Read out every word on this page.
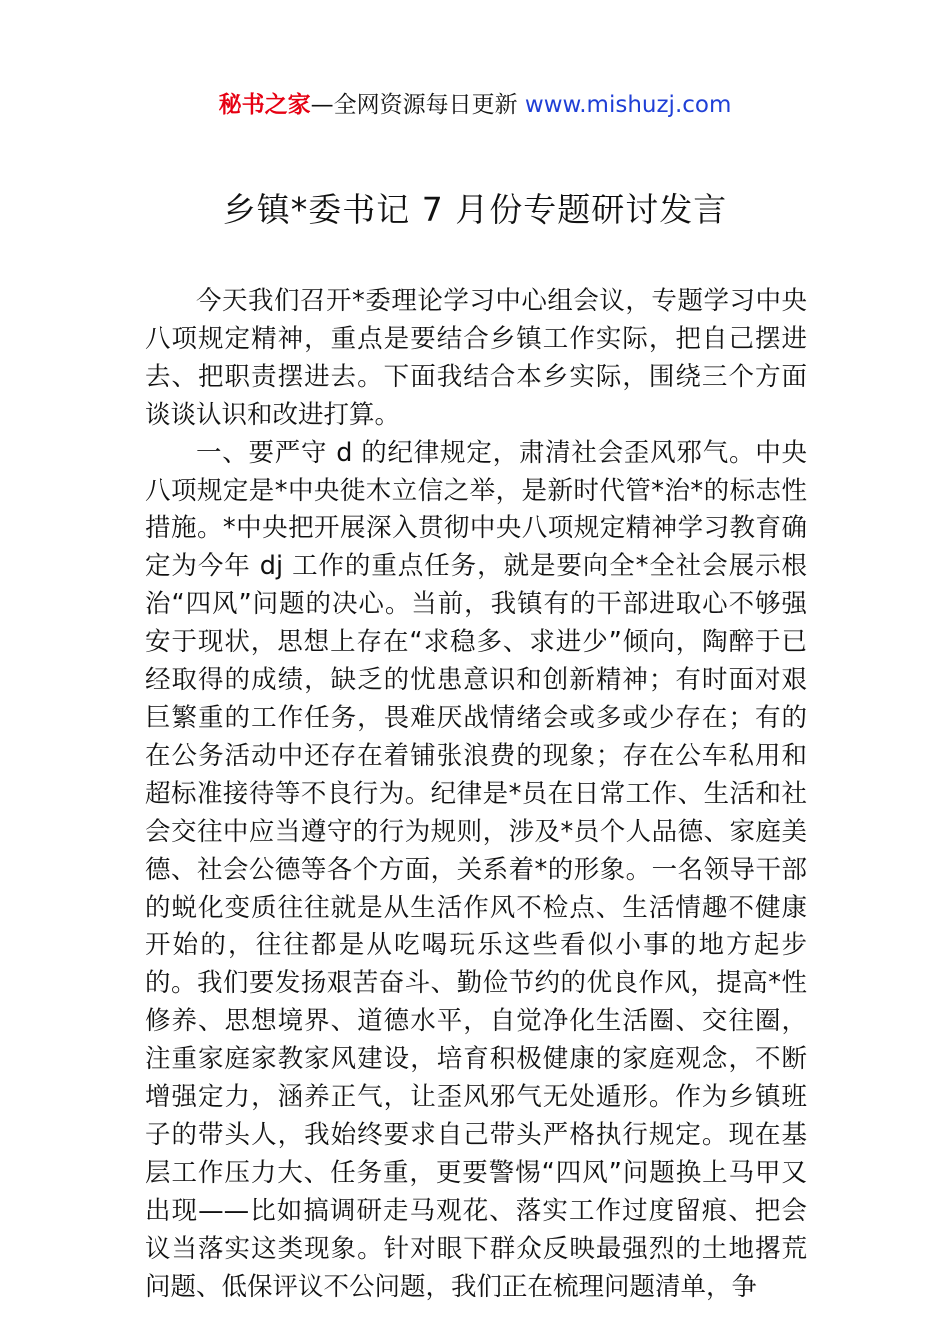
秘书之家—全网资源每日更新 www.mishuzj.com
乡镇*委书记 7 月份专题研讨发言

今天我们召开*委理论学习中心组会议，专题学习中央八项规定精神，重点是要结合乡镇工作实际，把自己摆进去、把职责摆进去。下面我结合本乡实际，围绕三个方面谈谈认识和改进打算。

一、要严守 d 的纪律规定，肃清社会歪风邪气。中央八项规定是*中央徙木立信之举，是新时代管*治*的标志性措施。*中央把开展深入贯彻中央八项规定精神学习教育确定为今年 dj 工作的重点任务，就是要向全*全社会展示根治“四风”问题的决心。当前，我镇有的干部进取心不够强安于现状，思想上存在“求稳多、求进少”倾向，陶醉于已经取得的成绩，缺乏的忧患意识和创新精神；有时面对艰巨繁重的工作任务，畏难厌战情绪会或多或少存在；有的在公务活动中还存在着铺张浪费的现象；存在公车私用和超标准接待等不良行为。纪律是*员在日常工作、生活和社会交往中应当遵守的行为规则，涉及*员个人品德、家庭美德、社会公德等各个方面，关系着*的形象。一名领导干部的蜕化变质往往就是从生活作风不检点、生活情趣不健康开始的，往往都是从吃喝玩乐这些看似小事的地方起步的。我们要发扬艰苦奋斗、勤俭节约的优良作风，提高*性修养、思想境界、道德水平，自觉净化生活圈、交往圈，注重家庭家教家风建设，培育积极健康的家庭观念，不断增强定力，涵养正气，让歪风邪气无处遁形。作为乡镇班子的带头人，我始终要求自己带头严格执行规定。现在基层工作压力大、任务重，更要警惕“四风”问题换上马甲又出现——比如搞调研走马观花、落实工作过度留痕、把会议当落实这类现象。针对眼下群众反映最强烈的土地撂荒问题、低保评议不公问题，我们正在梳理问题清单，争
